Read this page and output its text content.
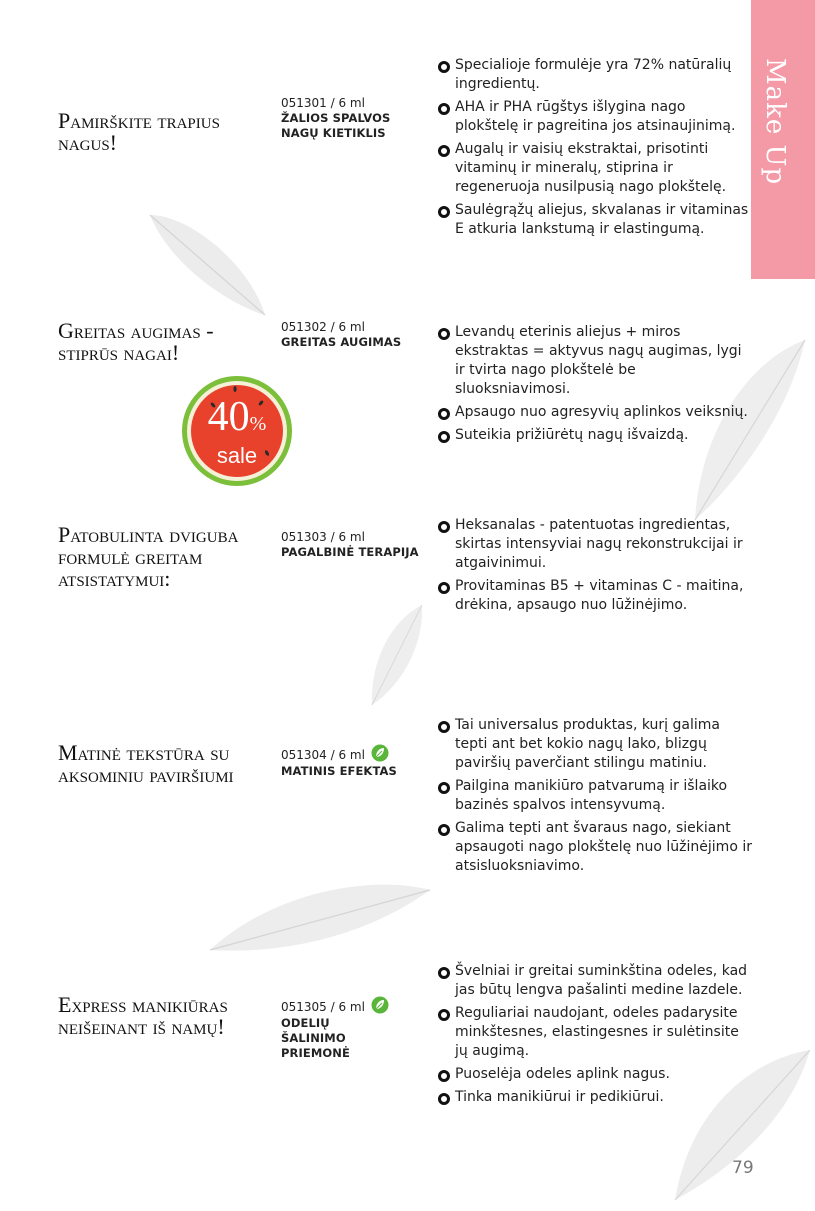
Make Up
Pamirškite trapius nagus!
051301 / 6 ml
ŽALIOS SPALVOS NAGŲ KIETIKLIS
Specialioje formulėje yra 72% natūralių ingredientų.
AHA ir PHA rūgštys išlygina nago plokštelę ir pagreitina jos atsinaujinimą.
Augalų ir vaisių ekstraktai, prisotinti vitaminų ir mineralų, stiprina ir regeneruoja nusilpusią nago plokštelę.
Saulėgrąžų aliejus, skvalanas ir vitaminas E atkuria lankstumą ir elastingumą.
Greitas augimas - stiprūs nagai!
051302 / 6 ml
GREITAS AUGIMAS
Levandų eterinis aliejus + miros ekstraktas = aktyvus nagų augimas, lygi ir tvirta nago plokštelė be sluoksniavimosi.
Apsaugo nuo agresyvių aplinkos veiksnių.
Suteikia prižiūrėtų nagų išvaizdą.
40%
sale
Patobulinta dviguba formulė greitam atsistatymui:
051303 / 6 ml
PAGALBINĖ TERAPIJA
Heksanalas - patentuotas ingredientas, skirtas intensyviai nagų rekonstrukcijai ir atgaivinimui.
Provitaminas B5 + vitaminas C - maitina, drėkina, apsaugo nuo lūžinėjimo.
Matinė tekstūra su aksominiu paviršiumi
051304 / 6 ml
MATINIS EFEKTAS
Tai universalus produktas, kurį galima tepti ant bet kokio nagų lako, blizgų paviršių paverčiant stilingu matiniu.
Pailgina manikiūro patvarumą ir išlaiko bazinės spalvos intensyvumą.
Galima tepti ant švaraus nago, siekiant apsaugoti nago plokštelę nuo lūžinėjimo ir atsisluoksniavimo.
Express manikiūras neišeinant iš namų!
051305 / 6 ml
ODELIŲ ŠALINIMO PRIEMONĖ
Švelniai ir greitai suminkština odeles, kad jas būtų lengva pašalinti medine lazdele.
Reguliariai naudojant, odeles padarysite minkštesnes, elastingesnes ir sulėtinsite jų augimą.
Puoselėja odeles aplink nagus.
Tinka manikiūrui ir pedikiūrui.
79
